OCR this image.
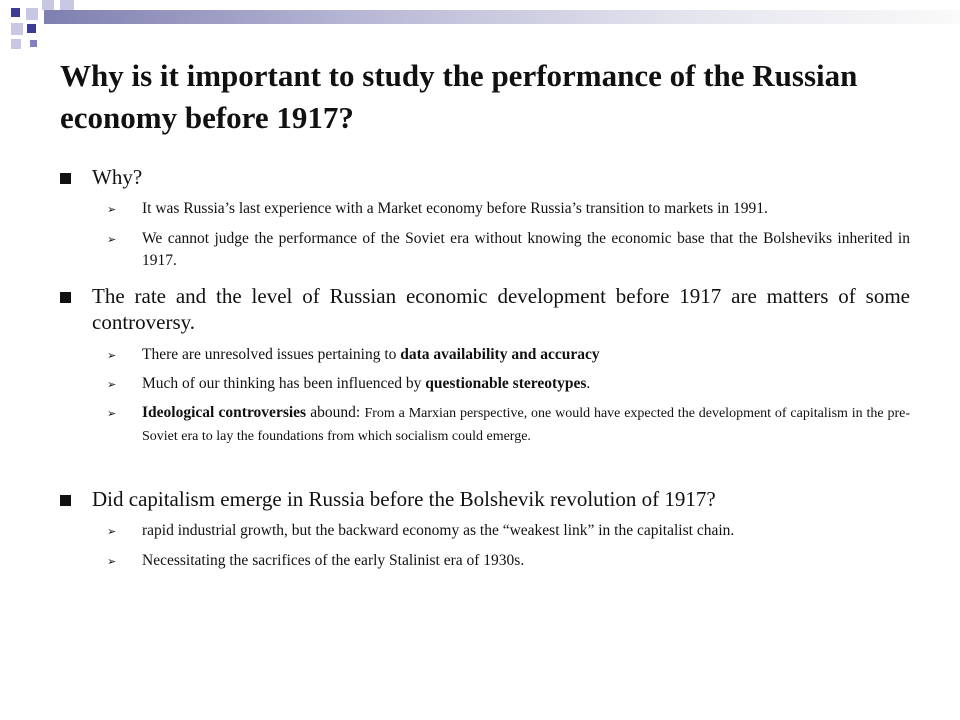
Why is it important to study the performance of the Russian economy before 1917?
Why?
➢ It was Russia’s last experience with a Market economy before Russia’s transition to markets in 1991.
➢ We cannot judge the performance of the Soviet era without knowing the economic base that the Bolsheviks inherited in 1917.
The rate and the level of Russian economic development before 1917 are matters of some controversy.
➢ There are unresolved issues pertaining to data availability and accuracy
➢ Much of our thinking has been influenced by questionable stereotypes.
➢ Ideological controversies abound: From a Marxian perspective, one would have expected the development of capitalism in the pre-Soviet era to lay the foundations from which socialism could emerge.
Did capitalism emerge in Russia before the Bolshevik revolution of 1917?
➢ rapid industrial growth, but the backward economy as the “weakest link” in the capitalist chain.
➢ Necessitating the sacrifices of the early Stalinist era of 1930s.
